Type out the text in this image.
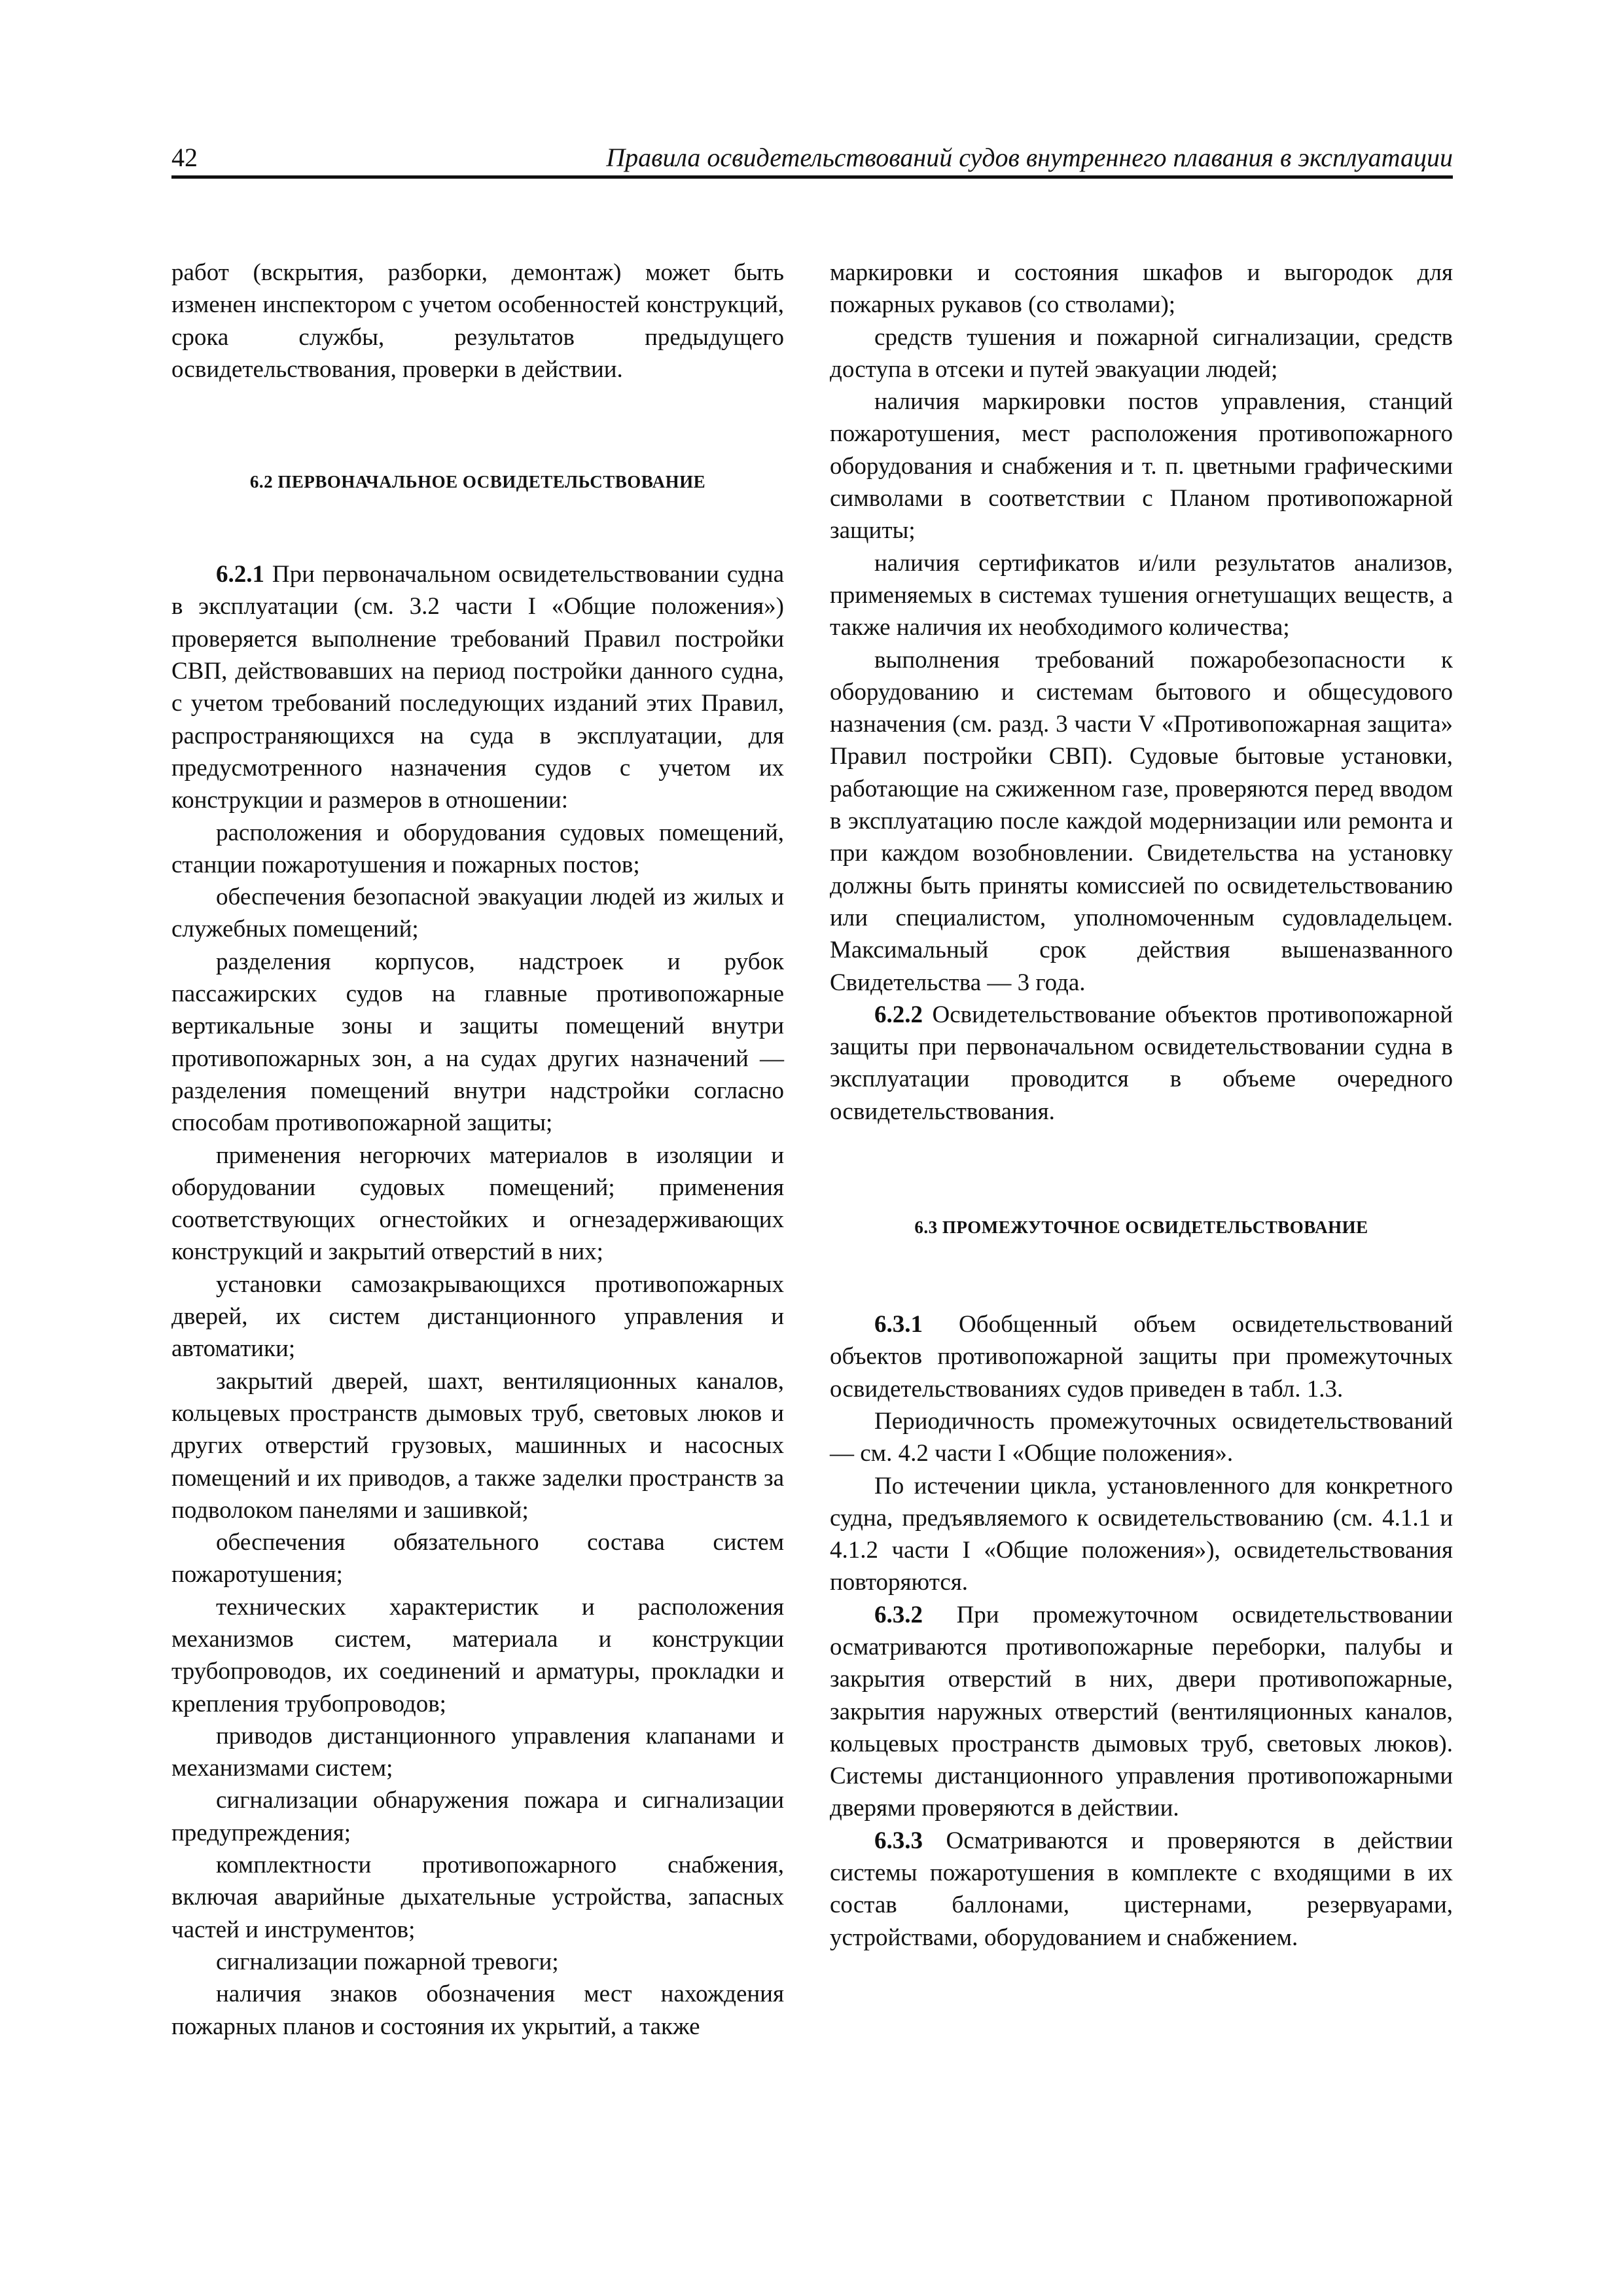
42	Правила освидетельствований судов внутреннего плавания в эксплуатации

работ (вскрытия, разборки, демонтаж) может быть изменен инспектором с учетом особенностей конструкций, срока службы, результатов предыдущего освидетельствования, проверки в действии.

6.2 ПЕРВОНАЧАЛЬНОЕ ОСВИДЕТЕЛЬСТВОВАНИЕ

6.2.1 При первоначальном освидетельствовании судна в эксплуатации (см. 3.2 части I «Общие положения») проверяется выполнение требований Правил постройки СВП, действовавших на период постройки данного судна, с учетом требований последующих изданий этих Правил, распространяющихся на суда в эксплуатации, для предусмотренного назначения судов с учетом их конструкции и размеров в отношении:

расположения и оборудования судовых помещений, станции пожаротушения и пожарных постов;

обеспечения безопасной эвакуации людей из жилых и служебных помещений;

разделения корпусов, надстроек и рубок пассажирских судов на главные противопожарные вертикальные зоны и защиты помещений внутри противопожарных зон, а на судах других назначений — разделения помещений внутри надстройки согласно способам противопожарной защиты;

применения негорючих материалов в изоляции и оборудовании судовых помещений; применения соответствующих огнестойких и огнезадерживающих конструкций и закрытий отверстий в них;

установки самозакрывающихся противопожарных дверей, их систем дистанционного управления и автоматики;

закрытий дверей, шахт, вентиляционных каналов, кольцевых пространств дымовых труб, световых люков и других отверстий грузовых, машинных и насосных помещений и их приводов, а также заделки пространств за подволоком панелями и зашивкой;

обеспечения обязательного состава систем пожаротушения;

технических характеристик и расположения механизмов систем, материала и конструкции трубопроводов, их соединений и арматуры, прокладки и крепления трубопроводов;

приводов дистанционного управления клапанами и механизмами систем;

сигнализации обнаружения пожара и сигнализации предупреждения;

комплектности противопожарного снабжения, включая аварийные дыхательные устройства, запасных частей и инструментов;

сигнализации пожарной тревоги;

наличия знаков обозначения мест нахождения пожарных планов и состояния их укрытий, а также

маркировки и состояния шкафов и выгородок для пожарных рукавов (со стволами);

средств тушения и пожарной сигнализации, средств доступа в отсеки и путей эвакуации людей;

наличия маркировки постов управления, станций пожаротушения, мест расположения противопожарного оборудования и снабжения и т. п. цветными графическими символами в соответствии с Планом противопожарной защиты;

наличия сертификатов и/или результатов анализов, применяемых в системах тушения огнетушащих веществ, а также наличия их необходимого количества;

выполнения требований пожаробезопасности к оборудованию и системам бытового и общесудового назначения (см. разд. 3 части V «Противопожарная защита» Правил постройки СВП). Судовые бытовые установки, работающие на сжиженном газе, проверяются перед вводом в эксплуатацию после каждой модернизации или ремонта и при каждом возобновлении. Свидетельства на установку должны быть приняты комиссией по освидетельствованию или специалистом, уполномоченным судовладельцем. Максимальный срок действия вышеназванного Свидетельства — 3 года.

6.2.2 Освидетельствование объектов противопожарной защиты при первоначальном освидетельствовании судна в эксплуатации проводится в объеме очередного освидетельствования.

6.3 ПРОМЕЖУТОЧНОЕ ОСВИДЕТЕЛЬСТВОВАНИЕ

6.3.1 Обобщенный объем освидетельствований объектов противопожарной защиты при промежуточных освидетельствованиях судов приведен в табл. 1.3.

Периодичность промежуточных освидетельствований — см. 4.2 части I «Общие положения».

По истечении цикла, установленного для конкретного судна, предъявляемого к освидетельствованию (см. 4.1.1 и 4.1.2 части I «Общие положения»), освидетельствования повторяются.

6.3.2 При промежуточном освидетельствовании осматриваются противопожарные переборки, палубы и закрытия отверстий в них, двери противопожарные, закрытия наружных отверстий (вентиляционных каналов, кольцевых пространств дымовых труб, световых люков). Системы дистанционного управления противопожарными дверями проверяются в действии.

6.3.3 Осматриваются и проверяются в действии системы пожаротушения в комплекте с входящими в их состав баллонами, цистернами, резервуарами, устройствами, оборудованием и снабжением.
